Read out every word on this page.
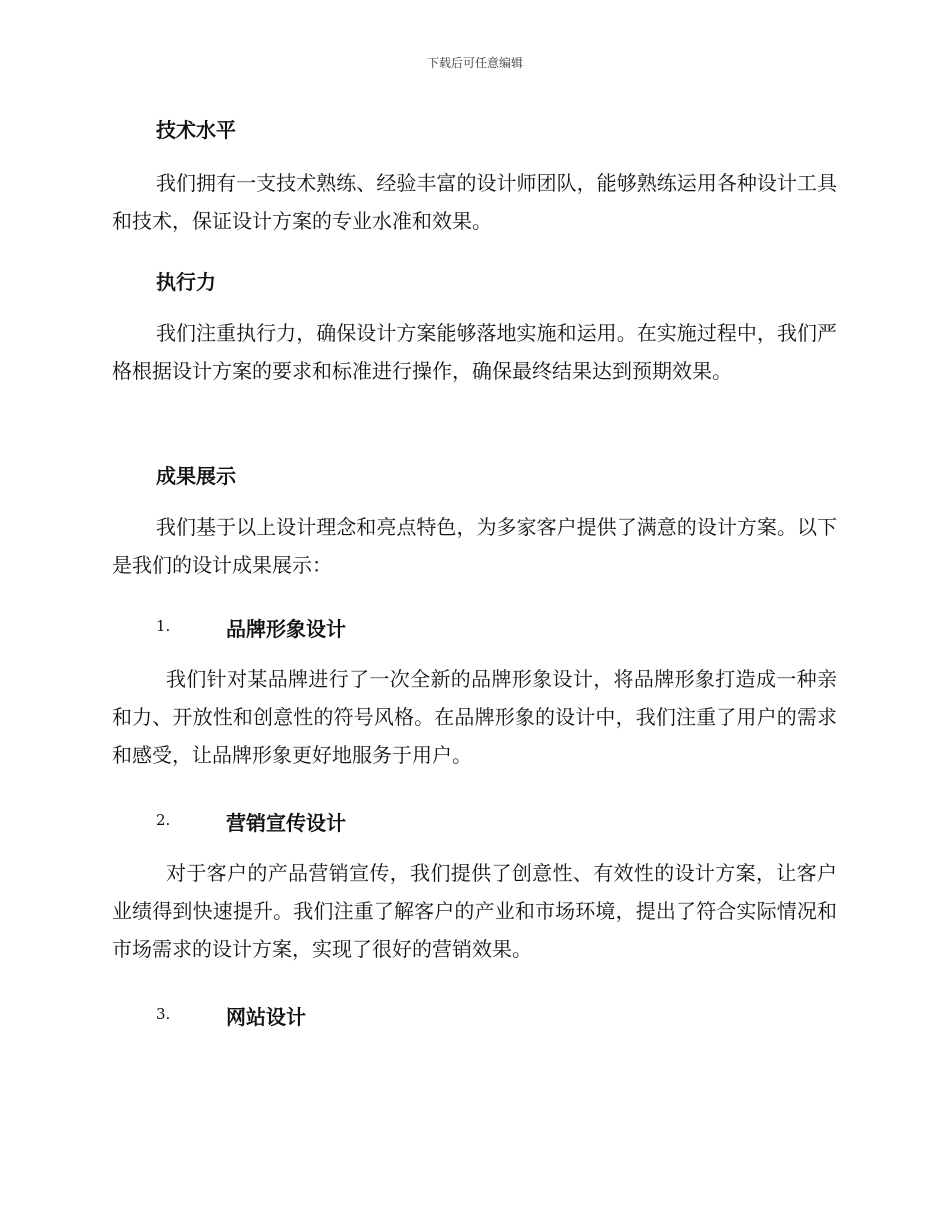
下载后可任意编辑
技术水平
我们拥有一支技术熟练、经验丰富的设计师团队，能够熟练运用各种设计工具和技术，保证设计方案的专业水准和效果。
执行力
我们注重执行力，确保设计方案能够落地实施和运用。在实施过程中，我们严格根据设计方案的要求和标准进行操作，确保最终结果达到预期效果。
成果展示
我们基于以上设计理念和亮点特色，为多家客户提供了满意的设计方案。以下是我们的设计成果展示：
1.	品牌形象设计
我们针对某品牌进行了一次全新的品牌形象设计，将品牌形象打造成一种亲和力、开放性和创意性的符号风格。在品牌形象的设计中，我们注重了用户的需求和感受，让品牌形象更好地服务于用户。
2.	营销宣传设计
对于客户的产品营销宣传，我们提供了创意性、有效性的设计方案，让客户业绩得到快速提升。我们注重了解客户的产业和市场环境，提出了符合实际情况和市场需求的设计方案，实现了很好的营销效果。
3.	网站设计
